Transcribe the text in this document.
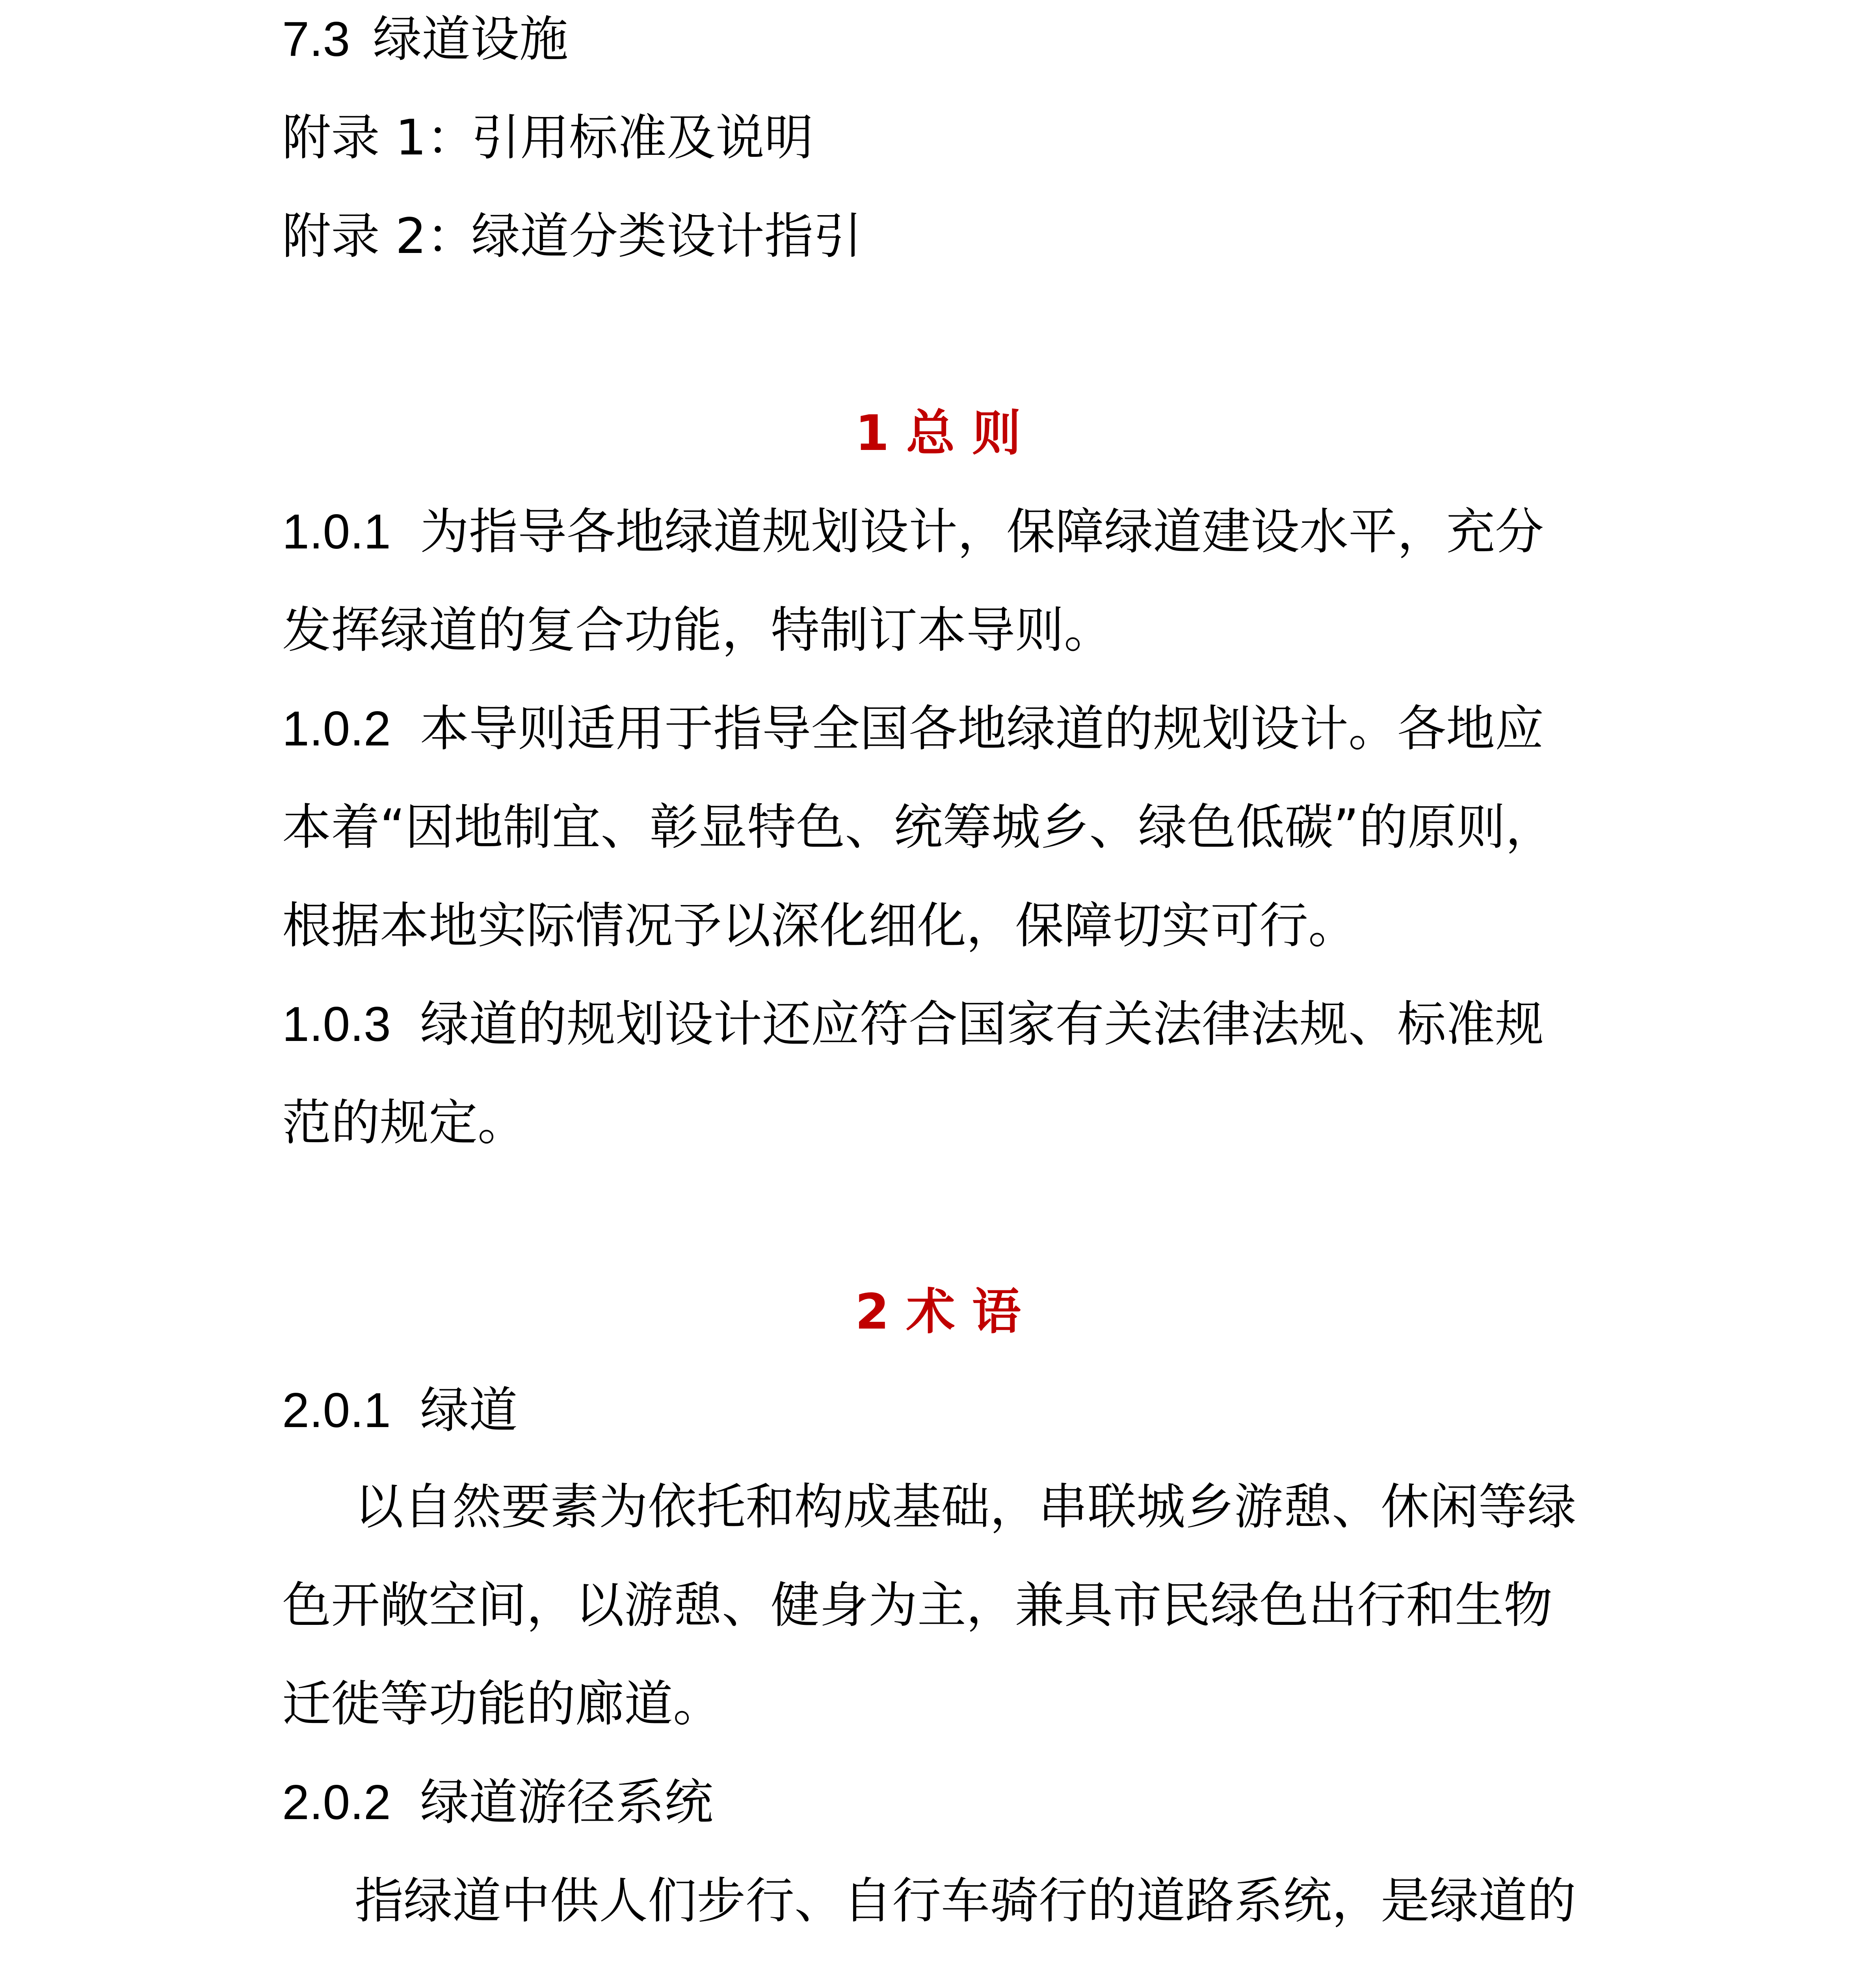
7.3 绿道设施
附录 1：引用标准及说明
附录 2：绿道分类设计指引
1 总 则
1.0.1 为指导各地绿道规划设计，保障绿道建设水平，充分
发挥绿道的复合功能，特制订本导则。
1.0.2 本导则适用于指导全国各地绿道的规划设计。各地应
本着“因地制宜、彰显特色、统筹城乡、绿色低碳”的原则，
根据本地实际情况予以深化细化，保障切实可行。
1.0.3 绿道的规划设计还应符合国家有关法律法规、标准规
范的规定。
2 术 语
2.0.1 绿道
以自然要素为依托和构成基础，串联城乡游憩、休闲等绿
色开敞空间，以游憩、健身为主，兼具市民绿色出行和生物
迁徙等功能的廊道。
2.0.2 绿道游径系统
指绿道中供人们步行、自行车骑行的道路系统，是绿道的
